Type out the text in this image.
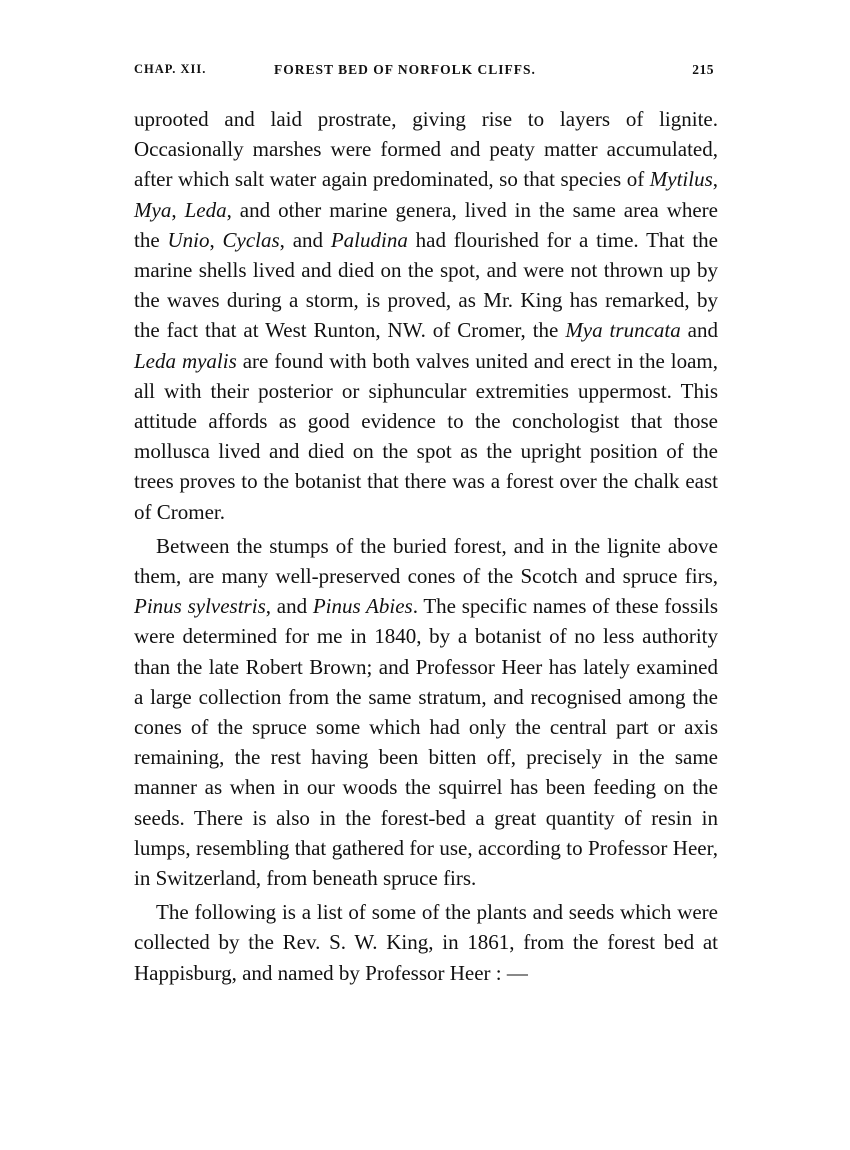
CHAP. XII.	FOREST BED OF NORFOLK CLIFFS.	215

uprooted and laid prostrate, giving rise to layers of lignite. Occasionally marshes were formed and peaty matter accumulated, after which salt water again predominated, so that species of Mytilus, Mya, Leda, and other marine genera, lived in the same area where the Unio, Cyclas, and Paludina had flourished for a time. That the marine shells lived and died on the spot, and were not thrown up by the waves during a storm, is proved, as Mr. King has remarked, by the fact that at West Runton, NW. of Cromer, the Mya truncata and Leda myalis are found with both valves united and erect in the loam, all with their posterior or siphuncular extremities uppermost. This attitude affords as good evidence to the conchologist that those mollusca lived and died on the spot as the upright position of the trees proves to the botanist that there was a forest over the chalk east of Cromer.

Between the stumps of the buried forest, and in the lignite above them, are many well-preserved cones of the Scotch and spruce firs, Pinus sylvestris, and Pinus Abies. The specific names of these fossils were determined for me in 1840, by a botanist of no less authority than the late Robert Brown; and Professor Heer has lately examined a large collection from the same stratum, and recognised among the cones of the spruce some which had only the central part or axis remaining, the rest having been bitten off, precisely in the same manner as when in our woods the squirrel has been feeding on the seeds. There is also in the forest-bed a great quantity of resin in lumps, resembling that gathered for use, according to Professor Heer, in Switzerland, from beneath spruce firs.

The following is a list of some of the plants and seeds which were collected by the Rev. S. W. King, in 1861, from the forest bed at Happisburg, and named by Professor Heer : —
